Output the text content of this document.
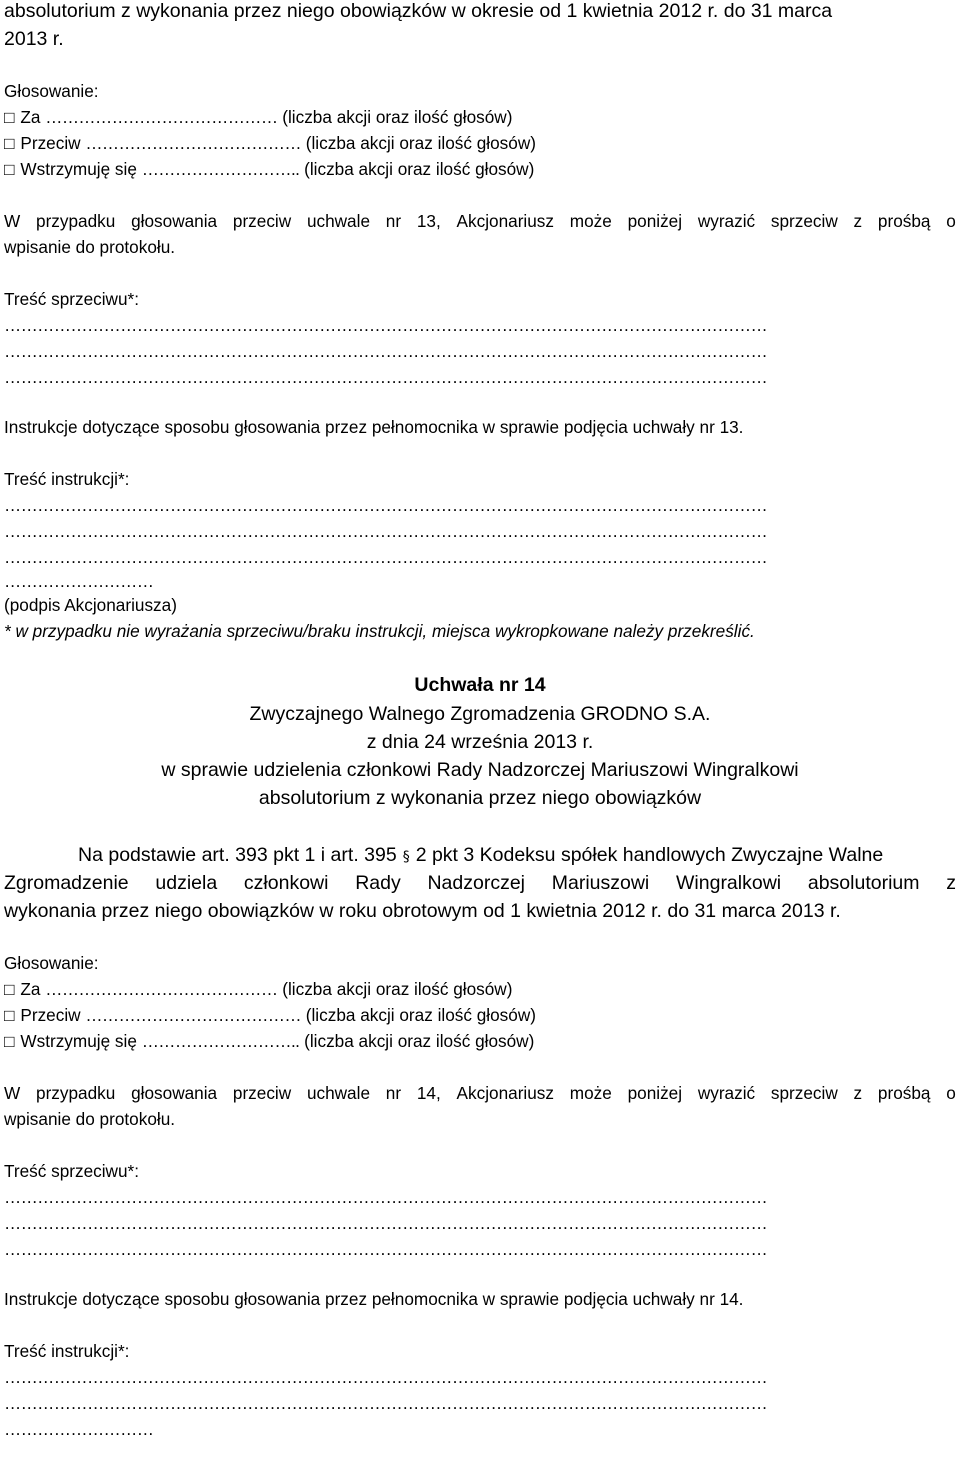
absolutorium z wykonania przez niego obowiązków w okresie od 1 kwietnia 2012 r. do 31 marca
2013 r.
Głosowanie:
□ Za …………………………………… (liczba akcji oraz ilość głosów)
□ Przeciw ………………………………… (liczba akcji oraz ilość głosów)
□ Wstrzymuję się ……………………….. (liczba akcji oraz ilość głosów)
W przypadku głosowania przeciw uchwale nr 13, Akcjonariusz może poniżej wyrazić sprzeciw z prośbą o
wpisanie do protokołu.
Treść sprzeciwu*:
…………………………………………………………………………………………………………………………
…………………………………………………………………………………………………………………………
…………………………………………………………………………………………………………………………
Instrukcje dotyczące sposobu głosowania przez pełnomocnika w sprawie podjęcia uchwały nr 13.
Treść instrukcji*:
…………………………………………………………………………………………………………………………
…………………………………………………………………………………………………………………………
…………………………………………………………………………………………………………………………
………………………
(podpis Akcjonariusza)
* w przypadku nie wyrażania sprzeciwu/braku instrukcji, miejsca wykropkowane należy przekreślić.
Uchwała nr 14
Zwyczajnego Walnego Zgromadzenia GRODNO S.A.
z dnia 24 września 2013 r.
w sprawie udzielenia członkowi Rady Nadzorczej Mariuszowi Wingralkowi
absolutorium z wykonania przez niego obowiązków
Na podstawie art. 393 pkt 1 i art. 395 § 2 pkt 3 Kodeksu spółek handlowych Zwyczajne Walne
Zgromadzenie udziela członkowi Rady Nadzorczej Mariuszowi Wingralkowi absolutorium z
wykonania przez niego obowiązków w roku obrotowym od 1 kwietnia 2012 r. do 31 marca 2013 r.
Głosowanie:
□ Za …………………………………… (liczba akcji oraz ilość głosów)
□ Przeciw ………………………………… (liczba akcji oraz ilość głosów)
□ Wstrzymuję się ……………………….. (liczba akcji oraz ilość głosów)
W przypadku głosowania przeciw uchwale nr 14, Akcjonariusz może poniżej wyrazić sprzeciw z prośbą o
wpisanie do protokołu.
Treść sprzeciwu*:
…………………………………………………………………………………………………………………………
…………………………………………………………………………………………………………………………
…………………………………………………………………………………………………………………………
Instrukcje dotyczące sposobu głosowania przez pełnomocnika w sprawie podjęcia uchwały nr 14.
Treść instrukcji*:
…………………………………………………………………………………………………………………………
…………………………………………………………………………………………………………………………
………………………
